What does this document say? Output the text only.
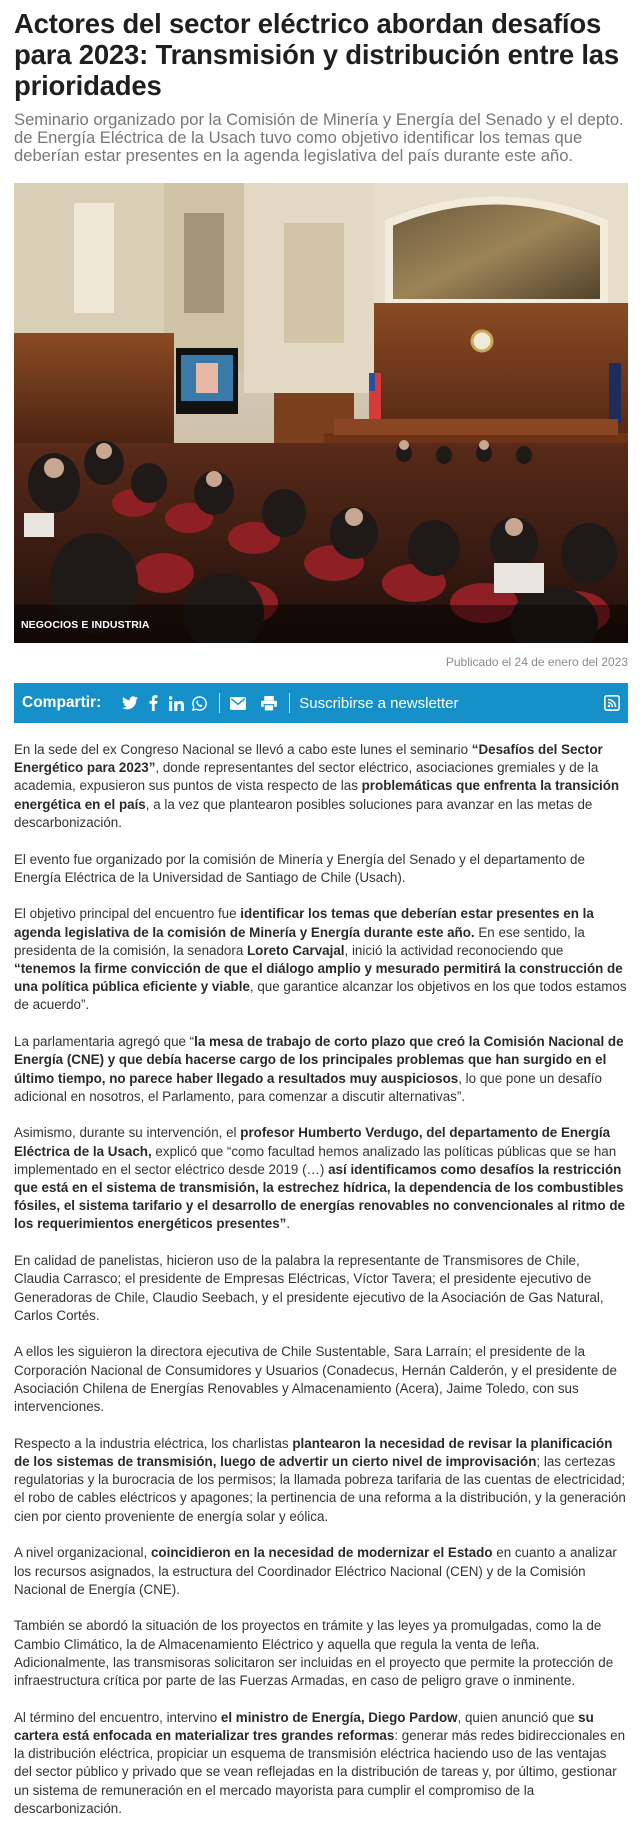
Actores del sector eléctrico abordan desafíos para 2023: Transmisión y distribución entre las prioridades

Seminario organizado por la Comisión de Minería y Energía del Senado y el depto. de Energía Eléctrica de la Usach tuvo como objetivo identificar los temas que deberían estar presentes en la agenda legislativa del país durante este año.

NEGOCIOS E INDUSTRIA
Publicado el 24 de enero del 2023
Compartir:	Suscribirse a newsletter

En la sede del ex Congreso Nacional se llevó a cabo este lunes el seminario “Desafíos del Sector Energético para 2023”, donde representantes del sector eléctrico, asociaciones gremiales y de la academia, expusieron sus puntos de vista respecto de las problemáticas que enfrenta la transición energética en el país, a la vez que plantearon posibles soluciones para avanzar en las metas de descarbonización.

El evento fue organizado por la comisión de Minería y Energía del Senado y el departamento de Energía Eléctrica de la Universidad de Santiago de Chile (Usach).

El objetivo principal del encuentro fue identificar los temas que deberían estar presentes en la agenda legislativa de la comisión de Minería y Energía durante este año. En ese sentido, la presidenta de la comisión, la senadora Loreto Carvajal, inició la actividad reconociendo que “tenemos la firme convicción de que el diálogo amplio y mesurado permitirá la construcción de una política pública eficiente y viable, que garantice alcanzar los objetivos en los que todos estamos de acuerdo”.

La parlamentaria agregó que “la mesa de trabajo de corto plazo que creó la Comisión Nacional de Energía (CNE) y que debía hacerse cargo de los principales problemas que han surgido en el último tiempo, no parece haber llegado a resultados muy auspiciosos, lo que pone un desafío adicional en nosotros, el Parlamento, para comenzar a discutir alternativas”.

Asimismo, durante su intervención, el profesor Humberto Verdugo, del departamento de Energía Eléctrica de la Usach, explicó que “como facultad hemos analizado las políticas públicas que se han implementado en el sector eléctrico desde 2019 (…) así identificamos como desafíos la restricción que está en el sistema de transmisión, la estrechez hídrica, la dependencia de los combustibles fósiles, el sistema tarifario y el desarrollo de energías renovables no convencionales al ritmo de los requerimientos energéticos presentes”.

En calidad de panelistas, hicieron uso de la palabra la representante de Transmisores de Chile, Claudia Carrasco; el presidente de Empresas Eléctricas, Víctor Tavera; el presidente ejecutivo de Generadoras de Chile, Claudio Seebach, y el presidente ejecutivo de la Asociación de Gas Natural, Carlos Cortés.

A ellos les siguieron la directora ejecutiva de Chile Sustentable, Sara Larraín; el presidente de la Corporación Nacional de Consumidores y Usuarios (Conadecus, Hernán Calderón, y el presidente de Asociación Chilena de Energías Renovables y Almacenamiento (Acera), Jaime Toledo, con sus intervenciones.

Respecto a la industria eléctrica, los charlistas plantearon la necesidad de revisar la planificación de los sistemas de transmisión, luego de advertir un cierto nivel de improvisación; las certezas regulatorias y la burocracia de los permisos; la llamada pobreza tarifaria de las cuentas de electricidad; el robo de cables eléctricos y apagones; la pertinencia de una reforma a la distribución, y la generación cien por ciento proveniente de energía solar y eólica.

A nivel organizacional, coincidieron en la necesidad de modernizar el Estado en cuanto a analizar los recursos asignados, la estructura del Coordinador Eléctrico Nacional (CEN) y de la Comisión Nacional de Energía (CNE).

También se abordó la situación de los proyectos en trámite y las leyes ya promulgadas, como la de Cambio Climático, la de Almacenamiento Eléctrico y aquella que regula la venta de leña. Adicionalmente, las transmisoras solicitaron ser incluidas en el proyecto que permite la protección de infraestructura crítica por parte de las Fuerzas Armadas, en caso de peligro grave o inminente.

Al término del encuentro, intervino el ministro de Energía, Diego Pardow, quien anunció que su cartera está enfocada en materializar tres grandes reformas: generar más redes bidireccionales en la distribución eléctrica, propiciar un esquema de transmisión eléctrica haciendo uso de las ventajas del sector público y privado que se vean reflejadas en la distribución de tareas y, por último, gestionar un sistema de remuneración en el mercado mayorista para cumplir el compromiso de la descarbonización.
